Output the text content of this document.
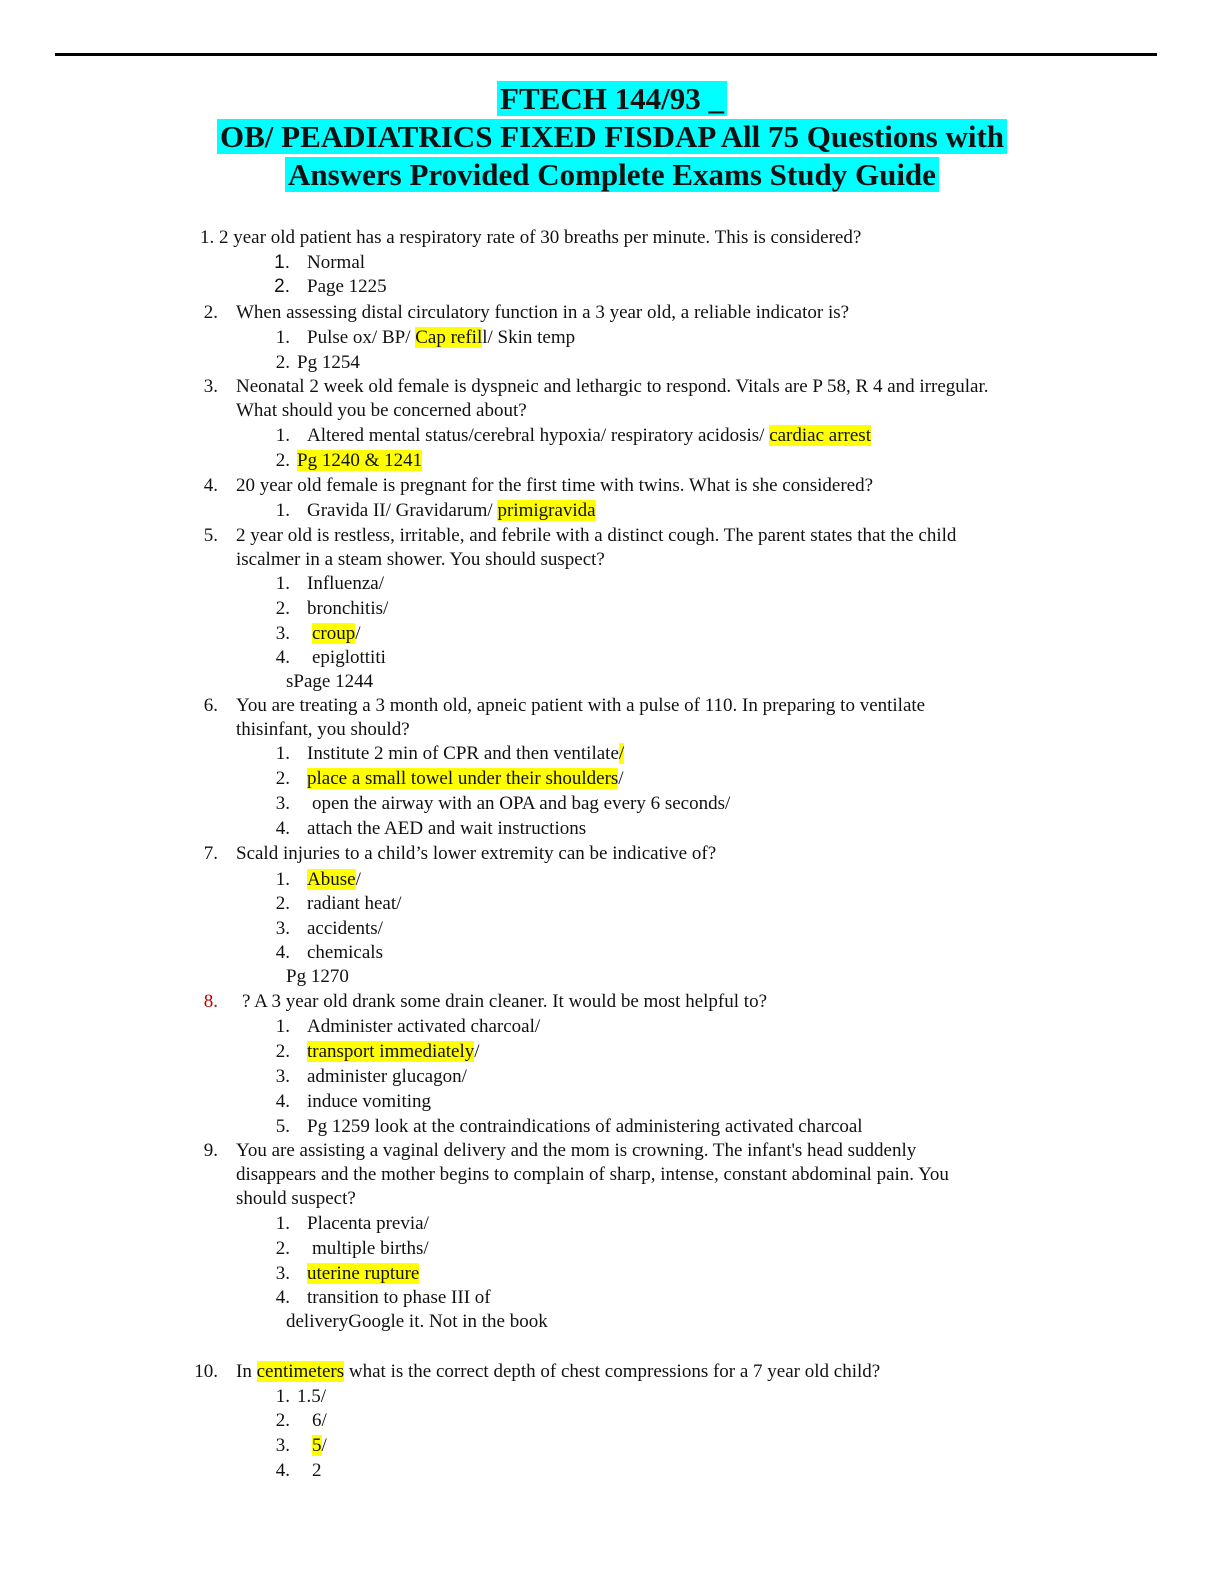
FTECH 144/93 _
OB/ PEADIATRICS FIXED FISDAP All 75 Questions with
Answers Provided Complete Exams Study Guide
1. 2 year old patient has a respiratory rate of 30 breaths per minute. This is considered?
1. Normal
2. Page 1225
2. When assessing distal circulatory function in a 3 year old, a reliable indicator is?
1. Pulse ox/ BP/ Cap refill/ Skin temp
2. Pg 1254
3. Neonatal 2 week old female is dyspneic and lethargic to respond. Vitals are P 58, R 4 and irregular.
What should you be concerned about?
1. Altered mental status/cerebral hypoxia/ respiratory acidosis/ cardiac arrest
2. Pg 1240 & 1241
4. 20 year old female is pregnant for the first time with twins. What is she considered?
1. Gravida II/ Gravidarum/ primigravida
5. 2 year old is restless, irritable, and febrile with a distinct cough. The parent states that the child
iscalmer in a steam shower. You should suspect?
1. Influenza/
2. bronchitis/
3. croup/
4. epiglottiti
sPage 1244
6. You are treating a 3 month old, apneic patient with a pulse of 110. In preparing to ventilate
thisinfant, you should?
1. Institute 2 min of CPR and then ventilate/
2. place a small towel under their shoulders/
3. open the airway with an OPA and bag every 6 seconds/
4. attach the AED and wait instructions
7. Scald injuries to a child’s lower extremity can be indicative of?
1. Abuse/
2. radiant heat/
3. accidents/
4. chemicals
Pg 1270
8. ? A 3 year old drank some drain cleaner. It would be most helpful to?
1. Administer activated charcoal/
2. transport immediately/
3. administer glucagon/
4. induce vomiting
5. Pg 1259 look at the contraindications of administering activated charcoal
9. You are assisting a vaginal delivery and the mom is crowning. The infant's head suddenly
disappears and the mother begins to complain of sharp, intense, constant abdominal pain. You
should suspect?
1. Placenta previa/
2. multiple births/
3. uterine rupture
4. transition to phase III of
deliveryGoogle it. Not in the book
10. In centimeters what is the correct depth of chest compressions for a 7 year old child?
1. 1.5/
2. 6/
3. 5/
4. 2
